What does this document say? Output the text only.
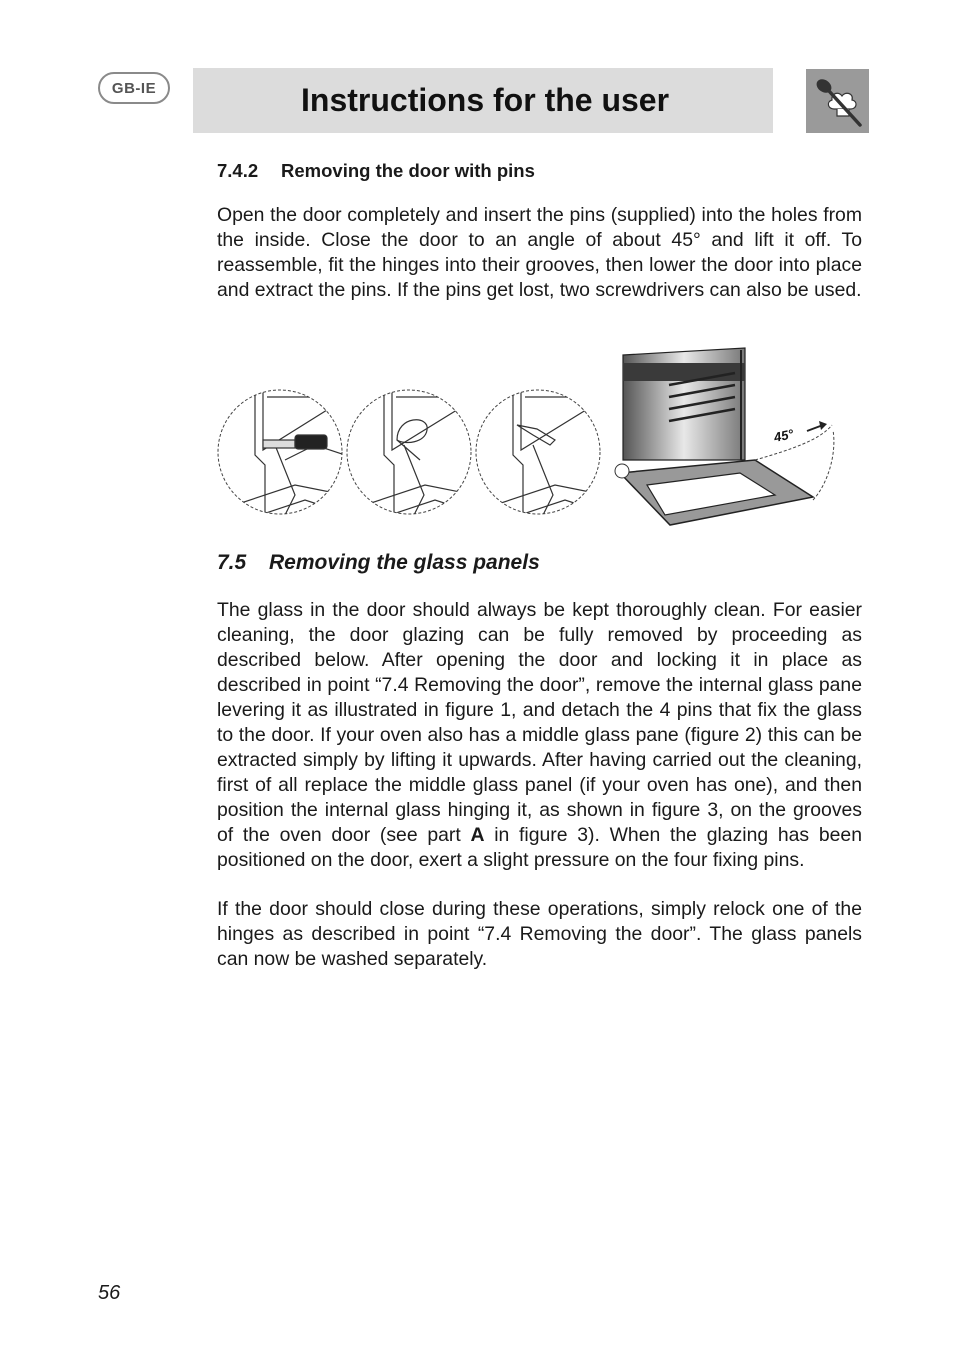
GB-IE	Instructions for the user
7.4.2 Removing the door with pins

Open the door completely and insert the pins (supplied) into the holes from the inside. Close the door to an angle of about 45° and lift it off. To reassemble, fit the hinges into their grooves, then lower the door into place and extract the pins. If the pins get lost, two screwdrivers can also be used.

45°
7.5 Removing the glass panels

The glass in the door should always be kept thoroughly clean. For easier cleaning, the door glazing can be fully removed by proceeding as described below. After opening the door and locking it in place as described in point “7.4 Removing the door”, remove the internal glass pane levering it as illustrated in figure 1, and detach the 4 pins that fix the glass to the door. If your oven also has a middle glass pane (figure 2) this can be extracted simply by lifting it upwards. After having carried out the cleaning, first of all replace the middle glass panel (if your oven has one), and then position the internal glass hinging it, as shown in figure 3, on the grooves of the oven door (see part A in figure 3). When the glazing has been positioned on the door, exert a slight pressure on the four fixing pins.

If the door should close during these operations, simply relock one of the hinges as described in point “7.4 Removing the door”. The glass panels can now be washed separately.

56
